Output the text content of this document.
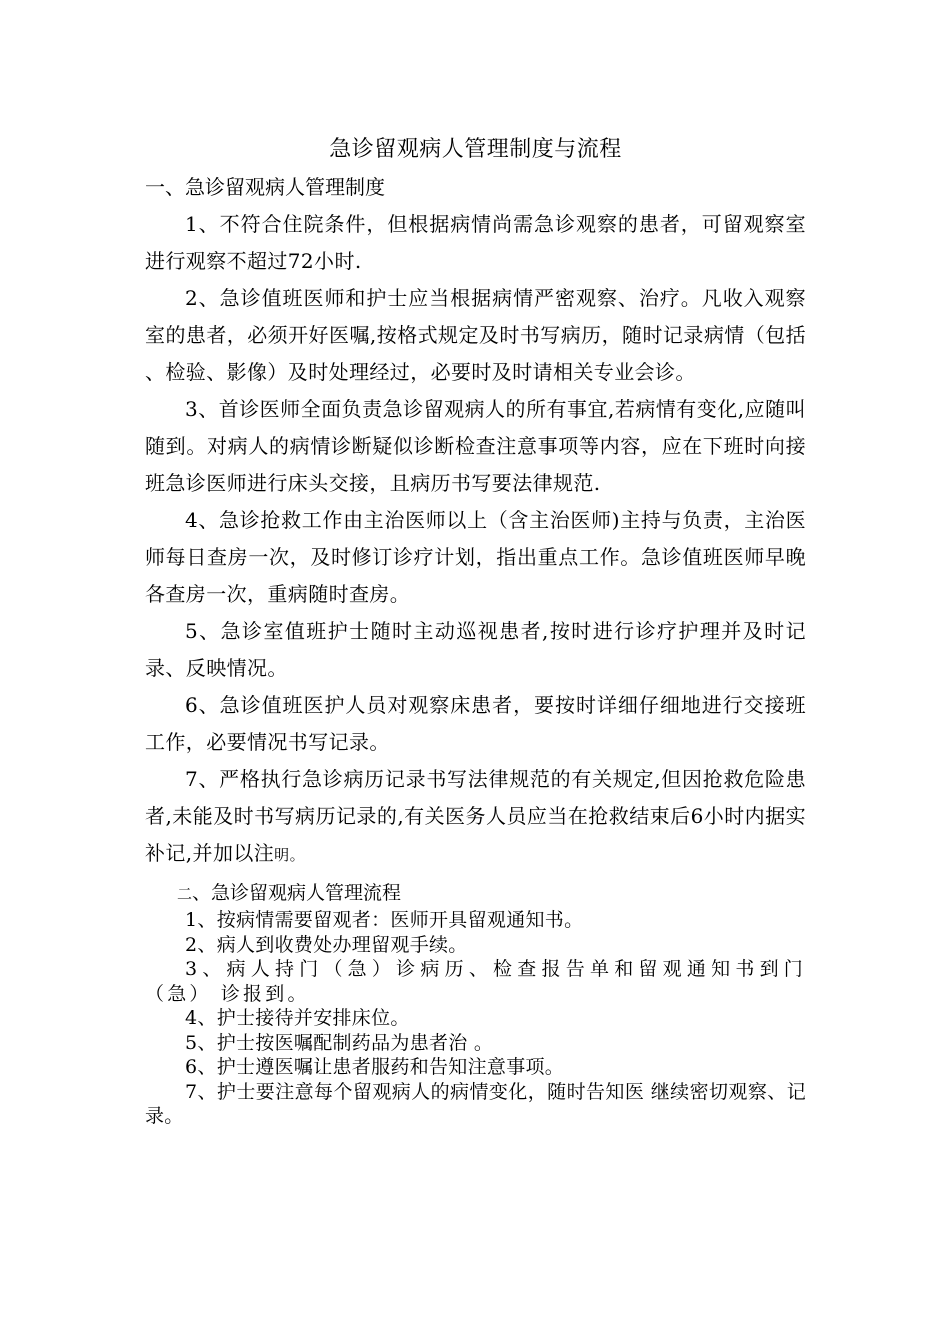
急诊留观病人管理制度与流程
一、急诊留观病人管理制度

1、不符合住院条件，但根据病情尚需急诊观察的患者，可留观察室进行观察不超过72小时.

2、急诊值班医师和护士应当根据病情严密观察、治疗。凡收入观察室的患者，必须开好医嘱,按格式规定及时书写病历，随时记录病情（包括 、检验、影像）及时处理经过，必要时及时请相关专业会诊。

3、首诊医师全面负责急诊留观病人的所有事宜,若病情有变化,应随叫随到。对病人的病情诊断疑似诊断检查注意事项等内容，应在下班时向接班急诊医师进行床头交接，且病历书写要法律规范.

4、急诊抢救工作由主治医师以上（含主治医师)主持与负责，主治医师每日查房一次，及时修订诊疗计划，指出重点工作。急诊值班医师早晚各查房一次，重病随时查房。

5、急诊室值班护士随时主动巡视患者,按时进行诊疗护理并及时记录、反映情况。

6、急诊值班医护人员对观察床患者，要按时详细仔细地进行交接班工作，必要情况书写记录。

7、严格执行急诊病历记录书写法律规范的有关规定,但因抢救危险患者,未能及时书写病历记录的,有关医务人员应当在抢救结束后6小时内据实补记,并加以注明。

二、急诊留观病人管理流程

1、按病情需要留观者：医师开具留观通知书。

2、病人到收费处办理留观手续。

3、病人持门（急）诊病历、检查报告单和留观通知书到门（急） 诊报到。

4、护士接待并安排床位。

5、护士按医嘱配制药品为患者治 。

6、护士遵医嘱让患者服药和告知注意事项。

7、护士要注意每个留观病人的病情变化，随时告知医 继续密切观察、记录。
